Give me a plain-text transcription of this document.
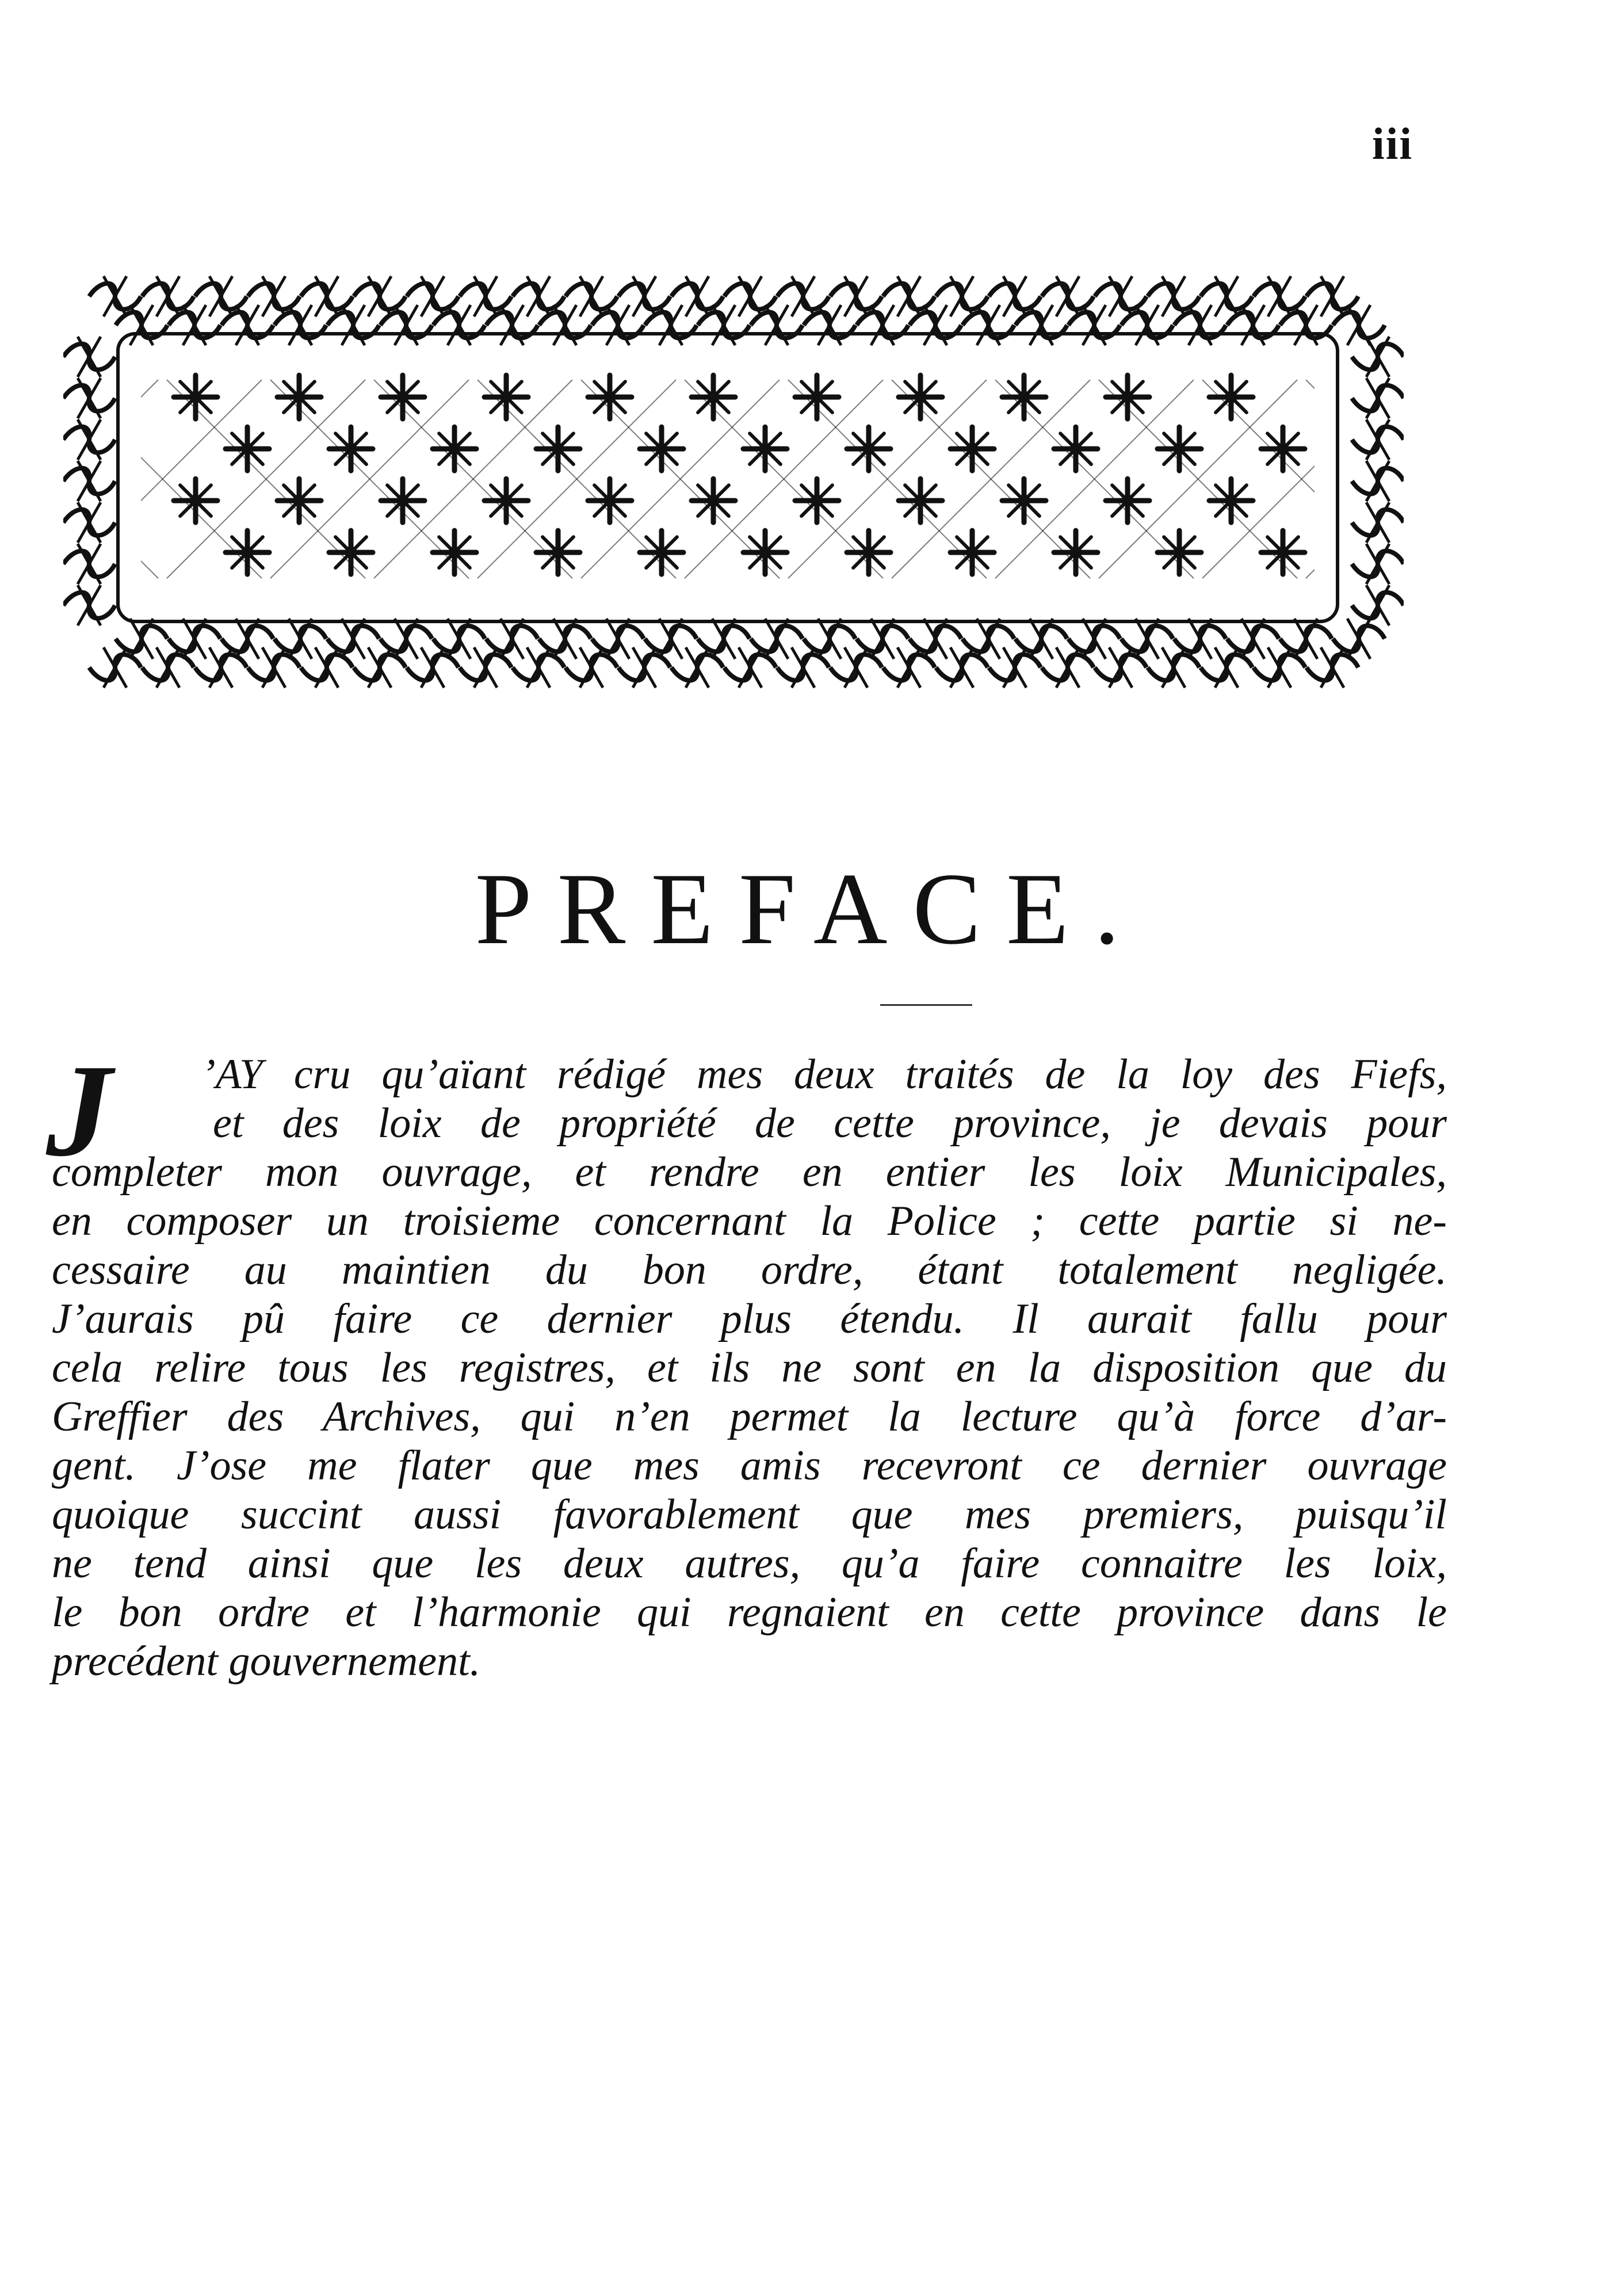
iii
PREFACE.
J	’AY cru qu’aïant rédigé mes deux traités de la loy des Fiefs,
et des loix de propriété de cette province, je devais pour
completer mon ouvrage, et rendre en entier les loix Municipales,
en composer un troisieme concernant la Police ; cette partie si ne-
cessaire au maintien du bon ordre, étant totalement negligée.
J’aurais pû faire ce dernier plus étendu. Il aurait fallu pour
cela relire tous les registres, et ils ne sont en la disposition que du
Greffier des Archives, qui n’en permet la lecture qu’à force d’ar-
gent. J’ose me flater que mes amis recevront ce dernier ouvrage
quoique succint aussi favorablement que mes premiers, puisqu’il
ne tend ainsi que les deux autres, qu’a faire connaitre les loix,
le bon ordre et l’harmonie qui regnaient en cette province dans le
precédent gouvernement.
